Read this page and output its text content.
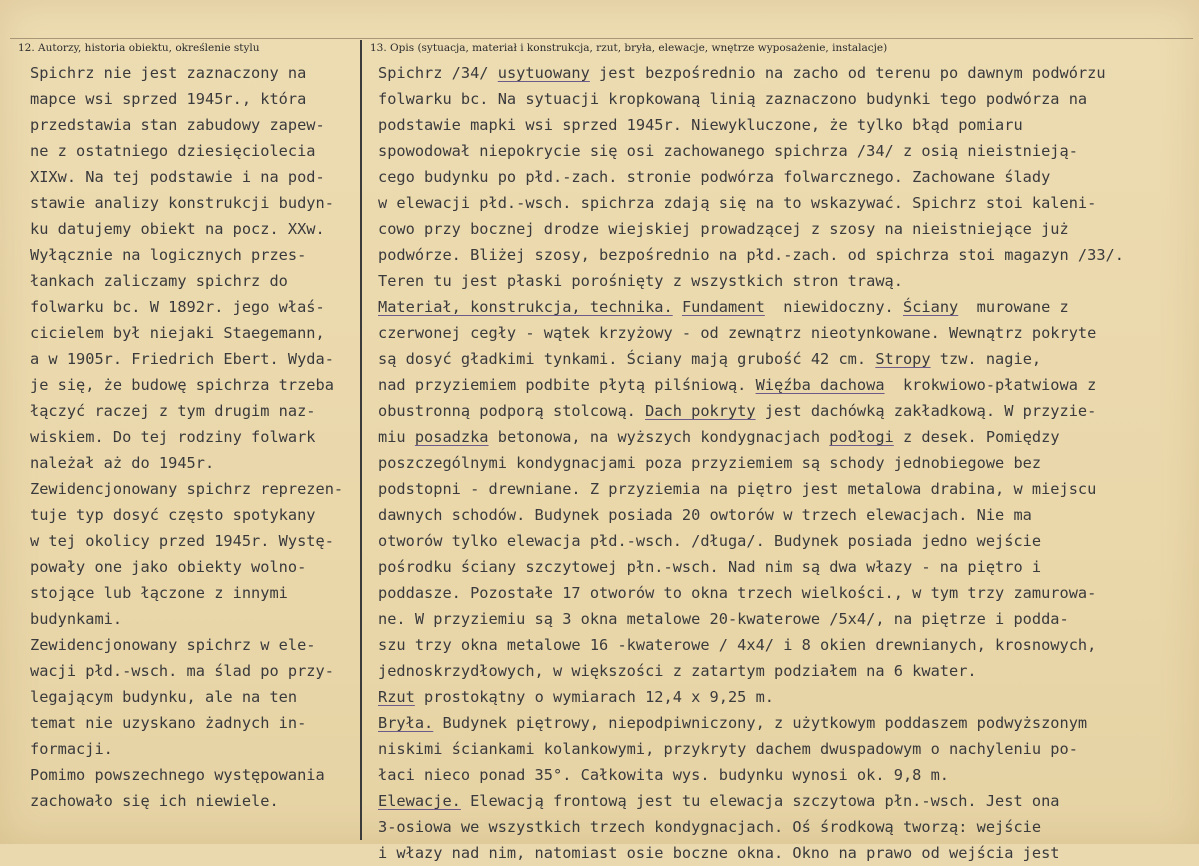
12. Autorzy, historia obiektu, określenie stylu	13. Opis (sytuacja, materiał i konstrukcja, rzut, bryła, elewacje, wnętrze wyposażenie, instalacje)
Spichrz nie jest zaznaczony na
mapce wsi sprzed 1945r., która
przedstawia stan zabudowy zapew-
ne z ostatniego dziesięciolecia
XIXw. Na tej podstawie i na pod-
stawie analizy konstrukcji budyn-
ku datujemy obiekt na pocz. XXw.
Wyłącznie na logicznych przes-
łankach zaliczamy spichrz do
folwarku bc. W 1892r. jego właś-
cicielem był niejaki Staegemann,
a w 1905r. Friedrich Ebert. Wyda-
je się, że budowę spichrza trzeba
łączyć raczej z tym drugim naz-
wiskiem. Do tej rodziny folwark
należał aż do 1945r.
Zewidencjonowany spichrz reprezen-
tuje typ dosyć często spotykany
w tej okolicy przed 1945r. Wystę-
powały one jako obiekty wolno-
stojące lub łączone z innymi
budynkami.
Zewidencjonowany spichrz w ele-
wacji płd.-wsch. ma ślad po przy-
legającym budynku, ale na ten
temat nie uzyskano żadnych in-
formacji.
Pomimo powszechnego występowania
zachowało się ich niewiele.
Spichrz /34/ usytuowany jest bezpośrednio na zacho od terenu po dawnym podwórzu
folwarku bc. Na sytuacji kropkowaną linią zaznaczono budynki tego podwórza na
podstawie mapki wsi sprzed 1945r. Niewykluczone, że tylko błąd pomiaru
spowodował niepokrycie się osi zachowanego spichrza /34/ z osią nieistnieją-
cego budynku po płd.-zach. stronie podwórza folwarcznego. Zachowane ślady
w elewacji płd.-wsch. spichrza zdają się na to wskazywać. Spichrz stoi kaleni-
cowo przy bocznej drodze wiejskiej prowadzącej z szosy na nieistniejące już
podwórze. Bliżej szosy, bezpośrednio na płd.-zach. od spichrza stoi magazyn /33/.
Teren tu jest płaski porośnięty z wszystkich stron trawą.
Materiał, konstrukcja, technika. Fundament  niewidoczny. Ściany  murowane z
czerwonej cegły - wątek krzyżowy - od zewnątrz nieotynkowane. Wewnątrz pokryte
są dosyć gładkimi tynkami. Ściany mają grubość 42 cm. Stropy tzw. nagie,
nad przyziemiem podbite płytą pilśniową. Więźba dachowa  krokwiowo-płatwiowa z
obustronną podporą stolcową. Dach pokryty jest dachówką zakładkową. W przyzie-
miu posadzka betonowa, na wyższych kondygnacjach podłogi z desek. Pomiędzy
poszczególnymi kondygnacjami poza przyziemiem są schody jednobiegowe bez
podstopni - drewniane. Z przyziemia na piętro jest metalowa drabina, w miejscu
dawnych schodów. Budynek posiada 20 owtorów w trzech elewacjach. Nie ma
otworów tylko elewacja płd.-wsch. /długa/. Budynek posiada jedno wejście
pośrodku ściany szczytowej płn.-wsch. Nad nim są dwa włazy - na piętro i
poddasze. Pozostałe 17 otworów to okna trzech wielkości., w tym trzy zamurowa-
ne. W przyziemiu są 3 okna metalowe 20-kwaterowe /5x4/, na piętrze i podda-
szu trzy okna metalowe 16 -kwaterowe / 4x4/ i 8 okien drewnianych, krosnowych,
jednoskrzydłowych, w większości z zatartym podziałem na 6 kwater.
Rzut prostokątny o wymiarach 12,4 x 9,25 m.
Bryła. Budynek piętrowy, niepodpiwniczony, z użytkowym poddaszem podwyższonym
niskimi ściankami kolankowymi, przykryty dachem dwuspadowym o nachyleniu po-
łaci nieco ponad 35°. Całkowita wys. budynku wynosi ok. 9,8 m.
Elewacje. Elewacją frontową jest tu elewacja szczytowa płn.-wsch. Jest ona
3-osiowa we wszystkich trzech kondygnacjach. Oś środkową tworzą: wejście
i włazy nad nim, natomiast osie boczne okna. Okno na prawo od wejścia jest
